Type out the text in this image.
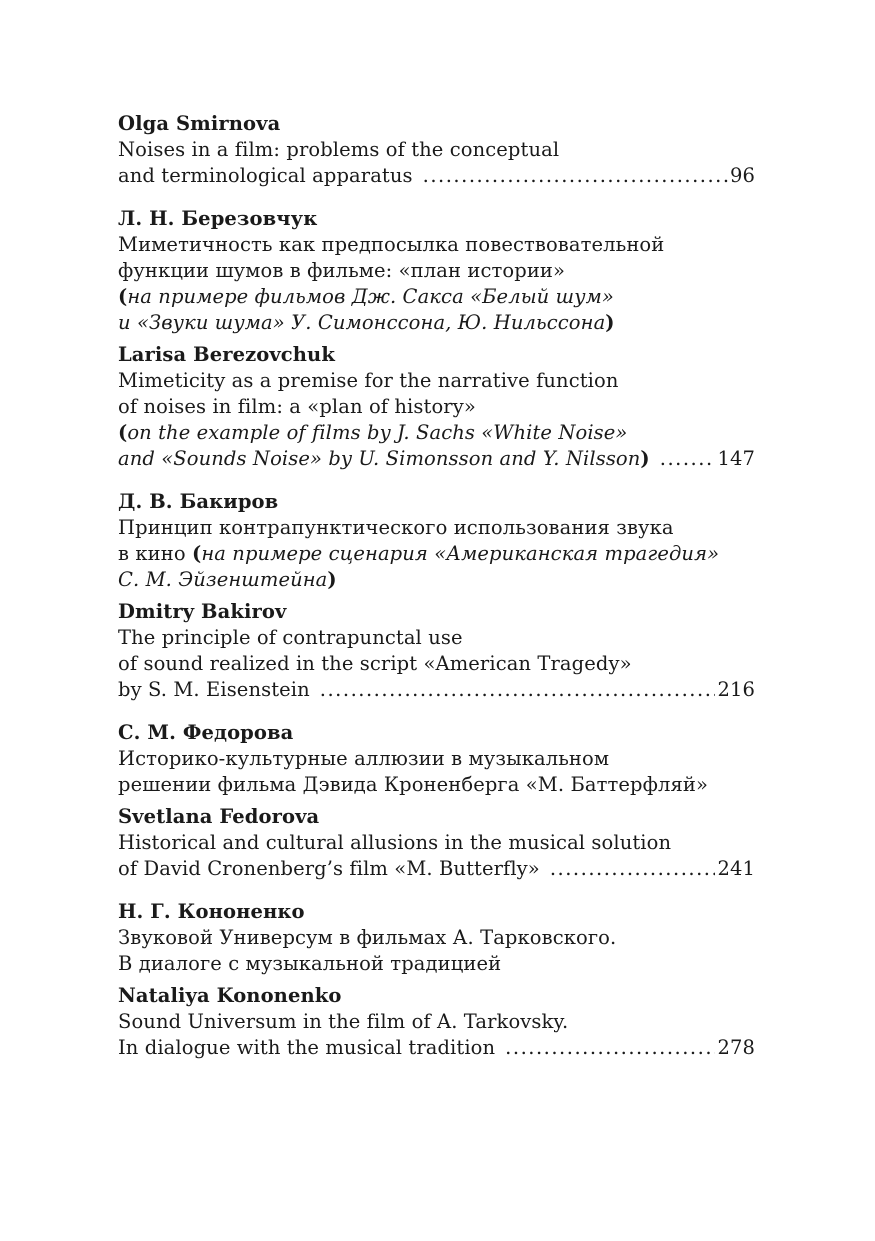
Olga Smirnova

Noises in a film: problems of the conceptual

and terminological apparatus .....	96

Л. Н. Березовчук

Миметичность как предпосылка повествовательной

функции шумов в фильме: «план истории»

(на примере фильмов Дж. Сакса «Белый шум»

и «Звуки шума» У. Симонссона, Ю. Нильссона)

Larisa Berezovchuk

Mimeticity as a premise for the narrative function

of noises in film: a «plan of history»

(on the example of films by J. Sachs «White Noise»

and «Sounds Noise» by U. Simonsson and Y. Nilsson) .....	147

Д. В. Бакиров

Принцип контрапунктического использования звука

в кино (на примере сценария «Американская трагедия»

С. М. Эйзенштейна)

Dmitry Bakirov

The principle of contrapunctal use

of sound realized in the script «American Tragedy»

by S. M. Eisenstein .....	216

С. М. Федорова

Историко-культурные аллюзии в музыкальном

решении фильма Дэвида Кроненберга «М. Баттерфляй»

Svetlana Fedorova

Historical and cultural allusions in the musical solution

of David Cronenberg’s film «M. Butterfly» .....	241

Н. Г. Кононенко

Звуковой Универсум в фильмах А. Тарковского.

В диалоге с музыкальной традицией

Nataliya Kononenko

Sound Universum in the film of A. Tarkovsky.

In dialogue with the musical tradition .....	278
